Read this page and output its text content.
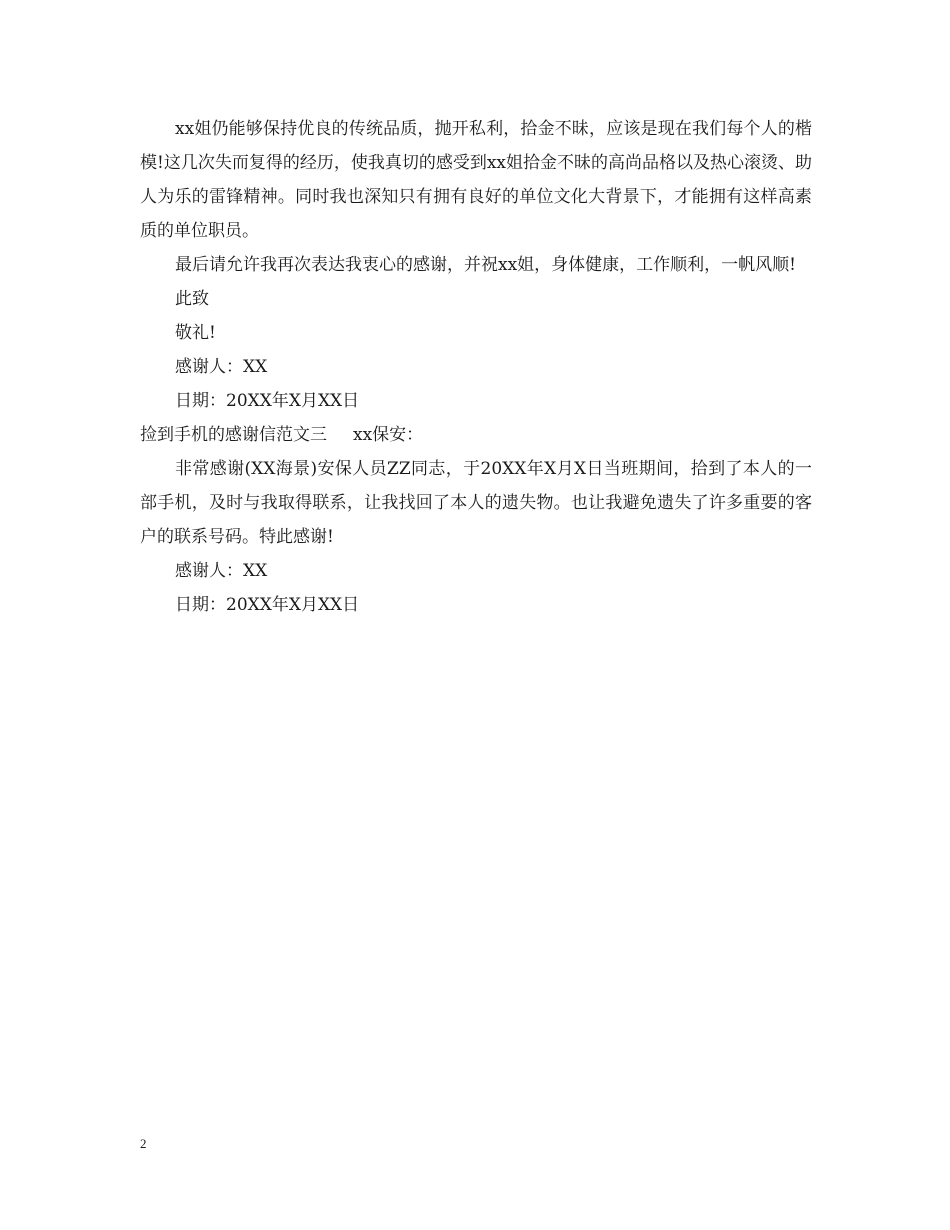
xx姐仍能够保持优良的传统品质，抛开私利，拾金不昧，应该是现在我们每个人的楷模!这几次失而复得的经历，使我真切的感受到xx姐拾金不昧的高尚品格以及热心滚烫、助人为乐的雷锋精神。同时我也深知只有拥有良好的单位文化大背景下，才能拥有这样高素质的单位职员。

最后请允许我再次表达我衷心的感谢，并祝xx姐，身体健康，工作顺利，一帆风顺!

此致

敬礼!

感谢人：XX

日期：20XX年X月XX日

捡到手机的感谢信范文三 xx保安：

非常感谢(XX海景)安保人员ZZ同志，于20XX年X月X日当班期间，拾到了本人的一部手机，及时与我取得联系，让我找回了本人的遗失物。也让我避免遗失了许多重要的客户的联系号码。特此感谢!

感谢人：XX

日期：20XX年X月XX日

2
